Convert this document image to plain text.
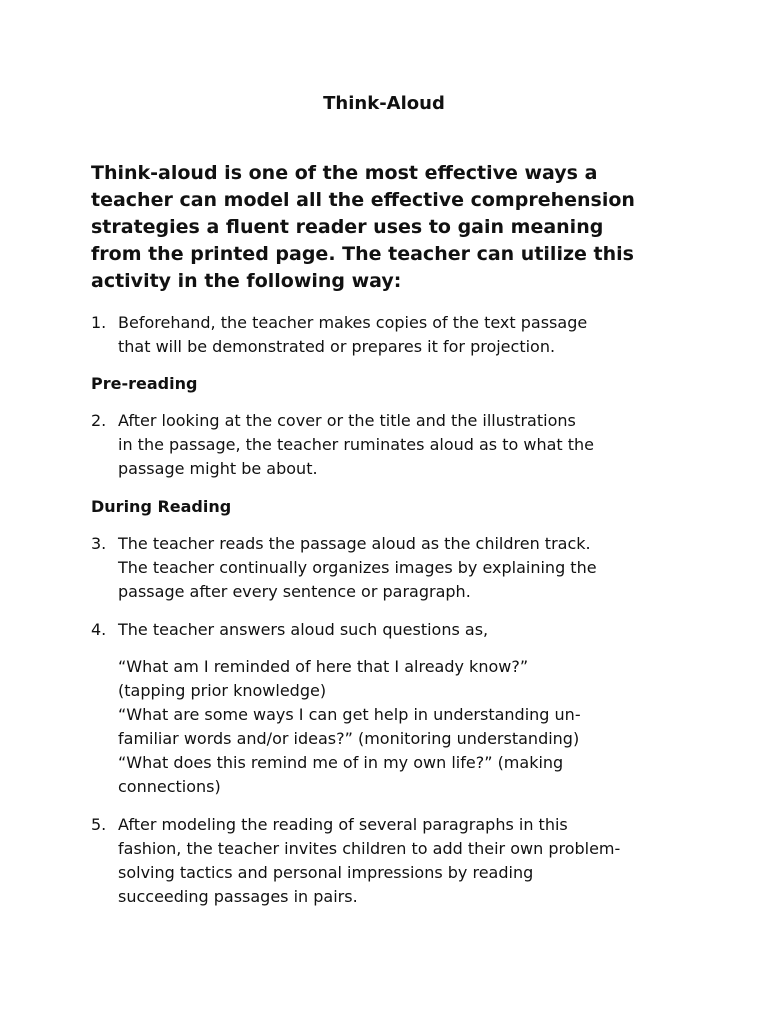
Think-Aloud
Think-aloud is one of the most effective ways a
teacher can model all the effective comprehension
strategies a fluent reader uses to gain meaning
from the printed page. The teacher can utilize this
activity in the following way:
1. Beforehand, the teacher makes copies of the text passage
that will be demonstrated or prepares it for projection.
Pre-reading
2. After looking at the cover or the title and the illustrations
in the passage, the teacher ruminates aloud as to what the
passage might be about.
During Reading
3. The teacher reads the passage aloud as the children track.
The teacher continually organizes images by explaining the
passage after every sentence or paragraph.
4. The teacher answers aloud such questions as,
“What am I reminded of here that I already know?”
(tapping prior knowledge)
“What are some ways I can get help in understanding un-
familiar words and/or ideas?” (monitoring understanding)
“What does this remind me of in my own life?” (making
connections)
5. After modeling the reading of several paragraphs in this
fashion, the teacher invites children to add their own problem-
solving tactics and personal impressions by reading
succeeding passages in pairs.
